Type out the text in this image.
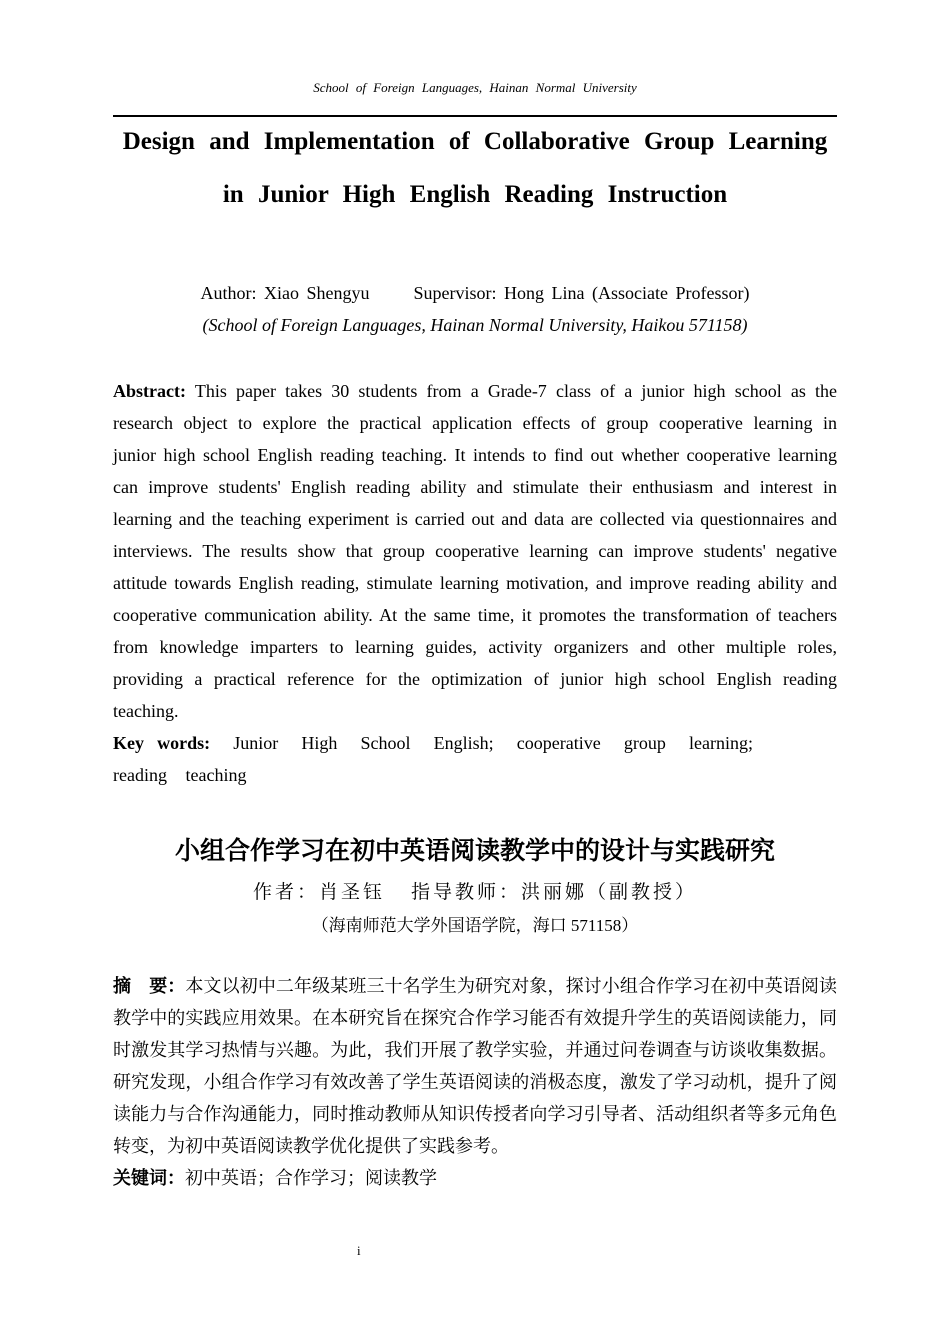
School of Foreign Languages, Hainan Normal University
Design and Implementation of Collaborative Group Learning
in Junior High English Reading Instruction
Author: Xiao Shengyu Supervisor: Hong Lina (Associate Professor)
(School of Foreign Languages, Hainan Normal University, Haikou 571158)
Abstract: This paper takes 30 students from a Grade-7 class of a junior high school as the research object to explore the practical application effects of group cooperative learning in junior high school English reading teaching. It intends to find out whether cooperative learning can improve students' English reading ability and stimulate their enthusiasm and interest in learning and the teaching experiment is carried out and data are collected via questionnaires and interviews. The results show that group cooperative learning can improve students' negative attitude towards English reading, stimulate learning motivation, and improve reading ability and cooperative communication ability. At the same time, it promotes the transformation of teachers from knowledge imparters to learning guides, activity organizers and other multiple roles, providing a practical reference for the optimization of junior high school English reading teaching.
Key words: Junior High School English; cooperative group learning; reading teaching
小组合作学习在初中英语阅读教学中的设计与实践研究
作者：肖圣钰 指导教师：洪丽娜（副教授）
（海南师范大学外国语学院，海口 571158）
摘　要：本文以初中二年级某班三十名学生为研究对象，探讨小组合作学习在初中英语阅读教学中的实践应用效果。在本研究旨在探究合作学习能否有效提升学生的英语阅读能力，同时激发其学习热情与兴趣。为此，我们开展了教学实验，并通过问卷调查与访谈收集数据。研究发现，小组合作学习有效改善了学生英语阅读的消极态度，激发了学习动机，提升了阅读能力与合作沟通能力，同时推动教师从知识传授者向学习引导者、活动组织者等多元角色转变，为初中英语阅读教学优化提供了实践参考。
关键词：初中英语；合作学习；阅读教学
i
